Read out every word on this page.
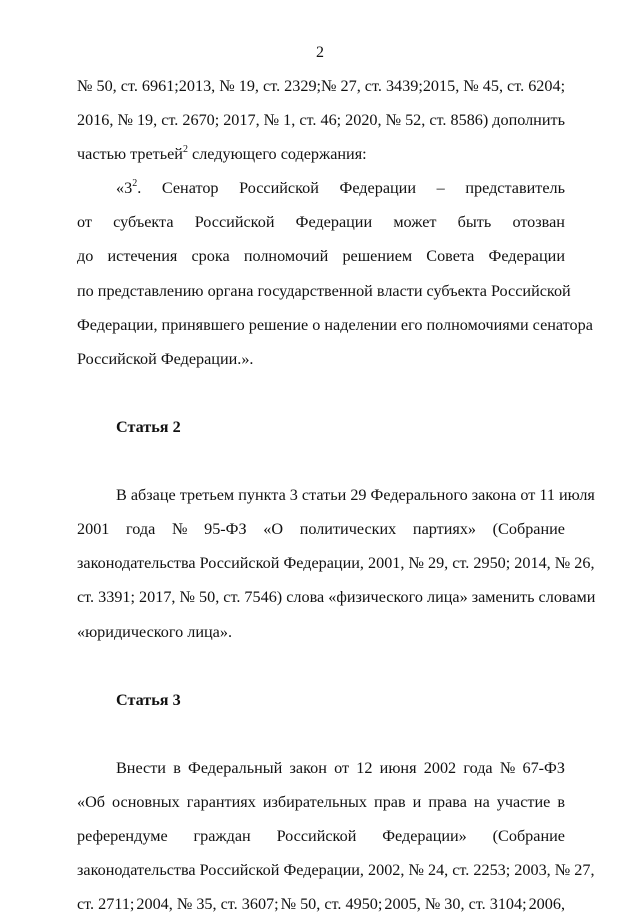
2
№ 50, ст. 6961; 2013, № 19, ст. 2329; № 27, ст. 3439; 2015, № 45, ст. 6204;
2016, № 19, ст. 2670; 2017, № 1, ст. 46; 2020, № 52, ст. 8586) дополнить
частью третьей$^2$ следующего содержания:
«$3^2$. Сенатор Российской Федерации – представитель
от субъекта Российской Федерации может быть отозван
до истечения срока полномочий решением Совета Федерации
по представлению органа государственной власти субъекта Российской
Федерации, принявшего решение о наделении его полномочиями сенатора
Российской Федерации.».
Статья 2
В абзаце третьем пункта 3 статьи 29 Федерального закона от 11 июля
2001 года № 95-ФЗ «О политических партиях» (Собрание
законодательства Российской Федерации, 2001, № 29, ст. 2950; 2014, № 26,
ст. 3391; 2017, № 50, ст. 7546) слова «физического лица» заменить словами
«юридического лица».
Статья 3
Внести в Федеральный закон от 12 июня 2002 года № 67-ФЗ
«Об основных гарантиях избирательных прав и права на участие в
референдуме граждан Российской Федерации» (Собрание
законодательства Российской Федерации, 2002, № 24, ст. 2253; 2003, № 27,
ст. 2711; 2004, № 35, ст. 3607; № 50, ст. 4950; 2005, № 30, ст. 3104; 2006,
